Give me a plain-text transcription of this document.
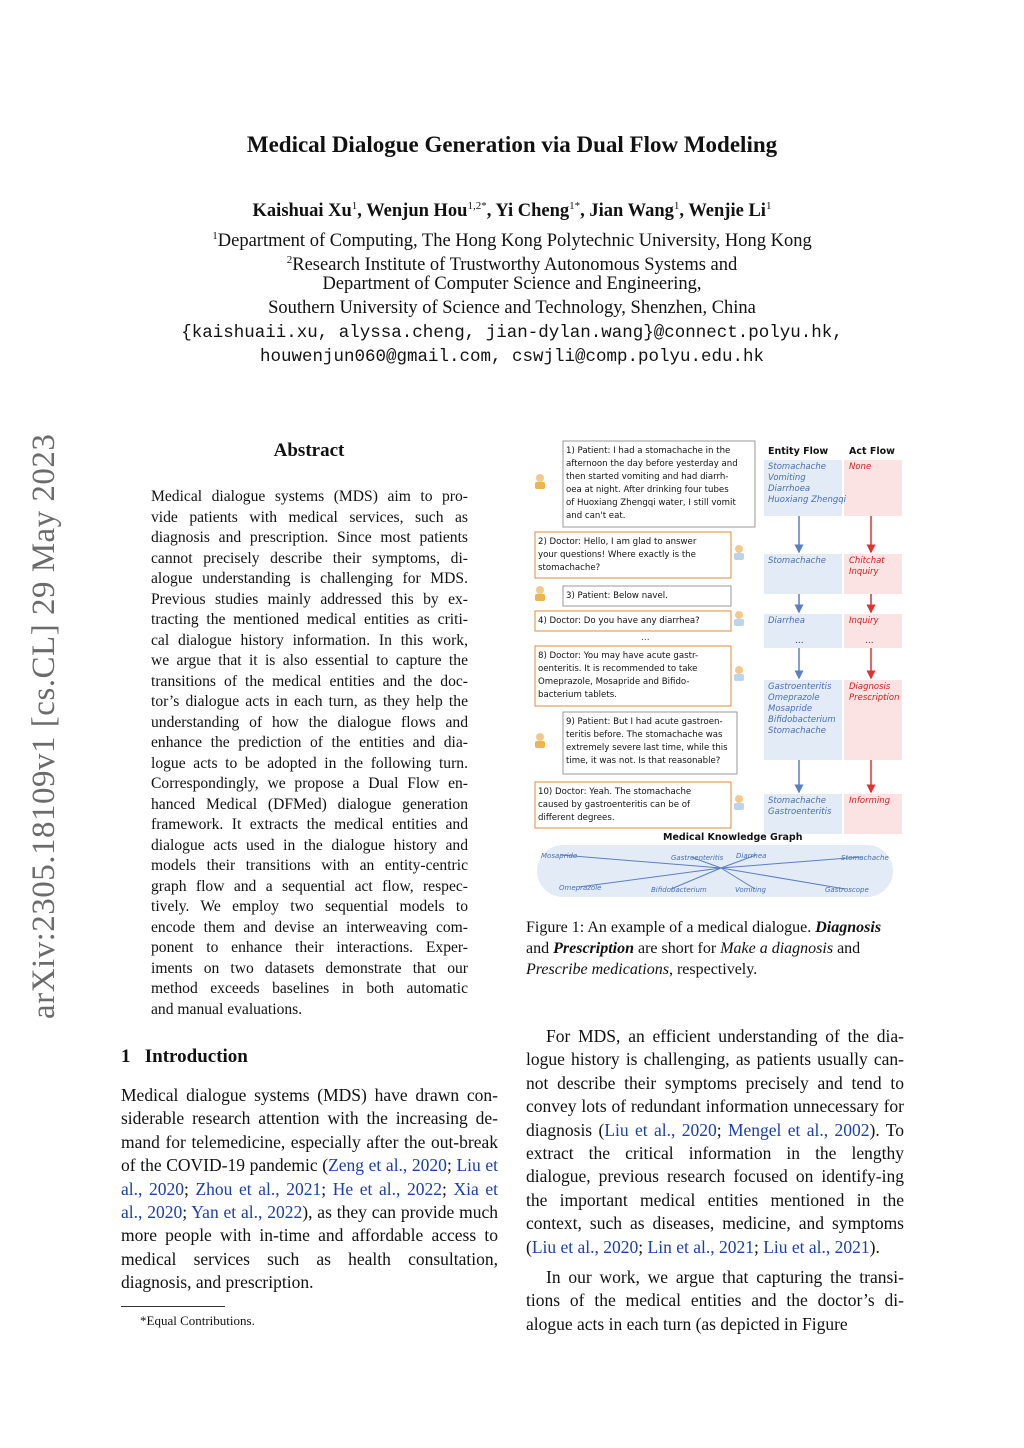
Medical Dialogue Generation via Dual Flow Modeling
Kaishuai Xu$^1$, Wenjun Hou$^{1,2*}$, Yi Cheng$^{1*}$, Jian Wang$^1$, Wenjie Li$^1$
$^1$Department of Computing, The Hong Kong Polytechnic University, Hong Kong
$^2$Research Institute of Trustworthy Autonomous Systems and
Department of Computer Science and Engineering,
Southern University of Science and Technology, Shenzhen, China
{kaishuaii.xu, alyssa.cheng, jian-dylan.wang}@connect.polyu.hk,
houwenjun060@gmail.com, cswjli@comp.polyu.edu.hk
arXiv:2305.18109v1 [cs.CL] 29 May 2023	Abstract
Medical dialogue systems (MDS) aim to pro-
vide patients with medical services, such as
diagnosis and prescription. Since most patients
cannot precisely describe their symptoms, di-
alogue understanding is challenging for MDS.
Previous studies mainly addressed this by ex-
tracting the mentioned medical entities as criti-
cal dialogue history information. In this work,
we argue that it is also essential to capture the
transitions of the medical entities and the doc-
tor’s dialogue acts in each turn, as they help the
understanding of how the dialogue flows and
enhance the prediction of the entities and dia-
logue acts to be adopted in the following turn.
Correspondingly, we propose a Dual Flow en-
hanced Medical (DFMed) dialogue generation
framework. It extracts the medical entities and
dialogue acts used in the dialogue history and
models their transitions with an entity-centric
graph flow and a sequential act flow, respec-
tively. We employ two sequential models to
encode them and devise an interweaving com-
ponent to enhance their interactions. Exper-
iments on two datasets demonstrate that our
method exceeds baselines in both automatic
and manual evaluations.
1 Introduction
Medical dialogue systems (MDS) have drawn con-siderable research attention with the increasing de-mand for telemedicine, especially after the out-break of the COVID-19 pandemic (Zeng et al., 2020; Liu et al., 2020; Zhou et al., 2021; He et al., 2022; Xia et al., 2020; Yan et al., 2022), as they can provide much more people with in-time and affordable access to medical services such as health consultation, diagnosis, and prescription.
*Equal Contributions.
Entity Flow Act Flow
Stomachache
Vomiting
Diarrhoea
Huoxiang Zhengqi
Stomachache
Diarrhea
Gastroenteritis
Omeprazole
Mosapride
Bifidobacterium
Stomachache
Stomachache
Gastroenteritis
None
Chitchat
Inquiry
Inquiry
Diagnosis
Prescription
Informing
...	...
1) Patient: I had a stomachache in the
afternoon the day before yesterday and
then started vomiting and had diarrh-
oea at night. After drinking four tubes
of Huoxiang Zhengqi water, I still vomit
and can't eat.
2) Doctor: Hello, I am glad to answer
your questions! Where exactly is the
stomachache?
3) Patient: Below navel.
4) Doctor: Do you have any diarrhea?
8) Doctor: You may have acute gastr-
oenteritis. It is recommended to take
Omeprazole, Mosapride and Bifido-
bacterium tablets.
9) Patient: But I had acute gastroen-
teritis before. The stomachache was
extremely severe last time, while this
time, it was not. Is that reasonable?
10) Doctor: Yeah. The stomachache
caused by gastroenteritis can be of
different degrees.
...
Medical Knowledge Graph
Mosapride	Gastroenteritis Diarrhea	Stomachache
Omeprazole	Bifidobacterium	Vomiting	Gastroscope
Figure 1: An example of a medical dialogue. Diagnosis and Prescription are short for Make a diagnosis and Prescribe medications, respectively.
For MDS, an efficient understanding of the dia-logue history is challenging, as patients usually can-not describe their symptoms precisely and tend to convey lots of redundant information unnecessary for diagnosis (Liu et al., 2020; Mengel et al., 2002). To extract the critical information in the lengthy dialogue, previous research focused on identify-ing the important medical entities mentioned in the context, such as diseases, medicine, and symptoms (Liu et al., 2020; Lin et al., 2021; Liu et al., 2021).
In our work, we argue that capturing the transi-tions of the medical entities and the doctor’s di-alogue acts in each turn (as depicted in Figure
